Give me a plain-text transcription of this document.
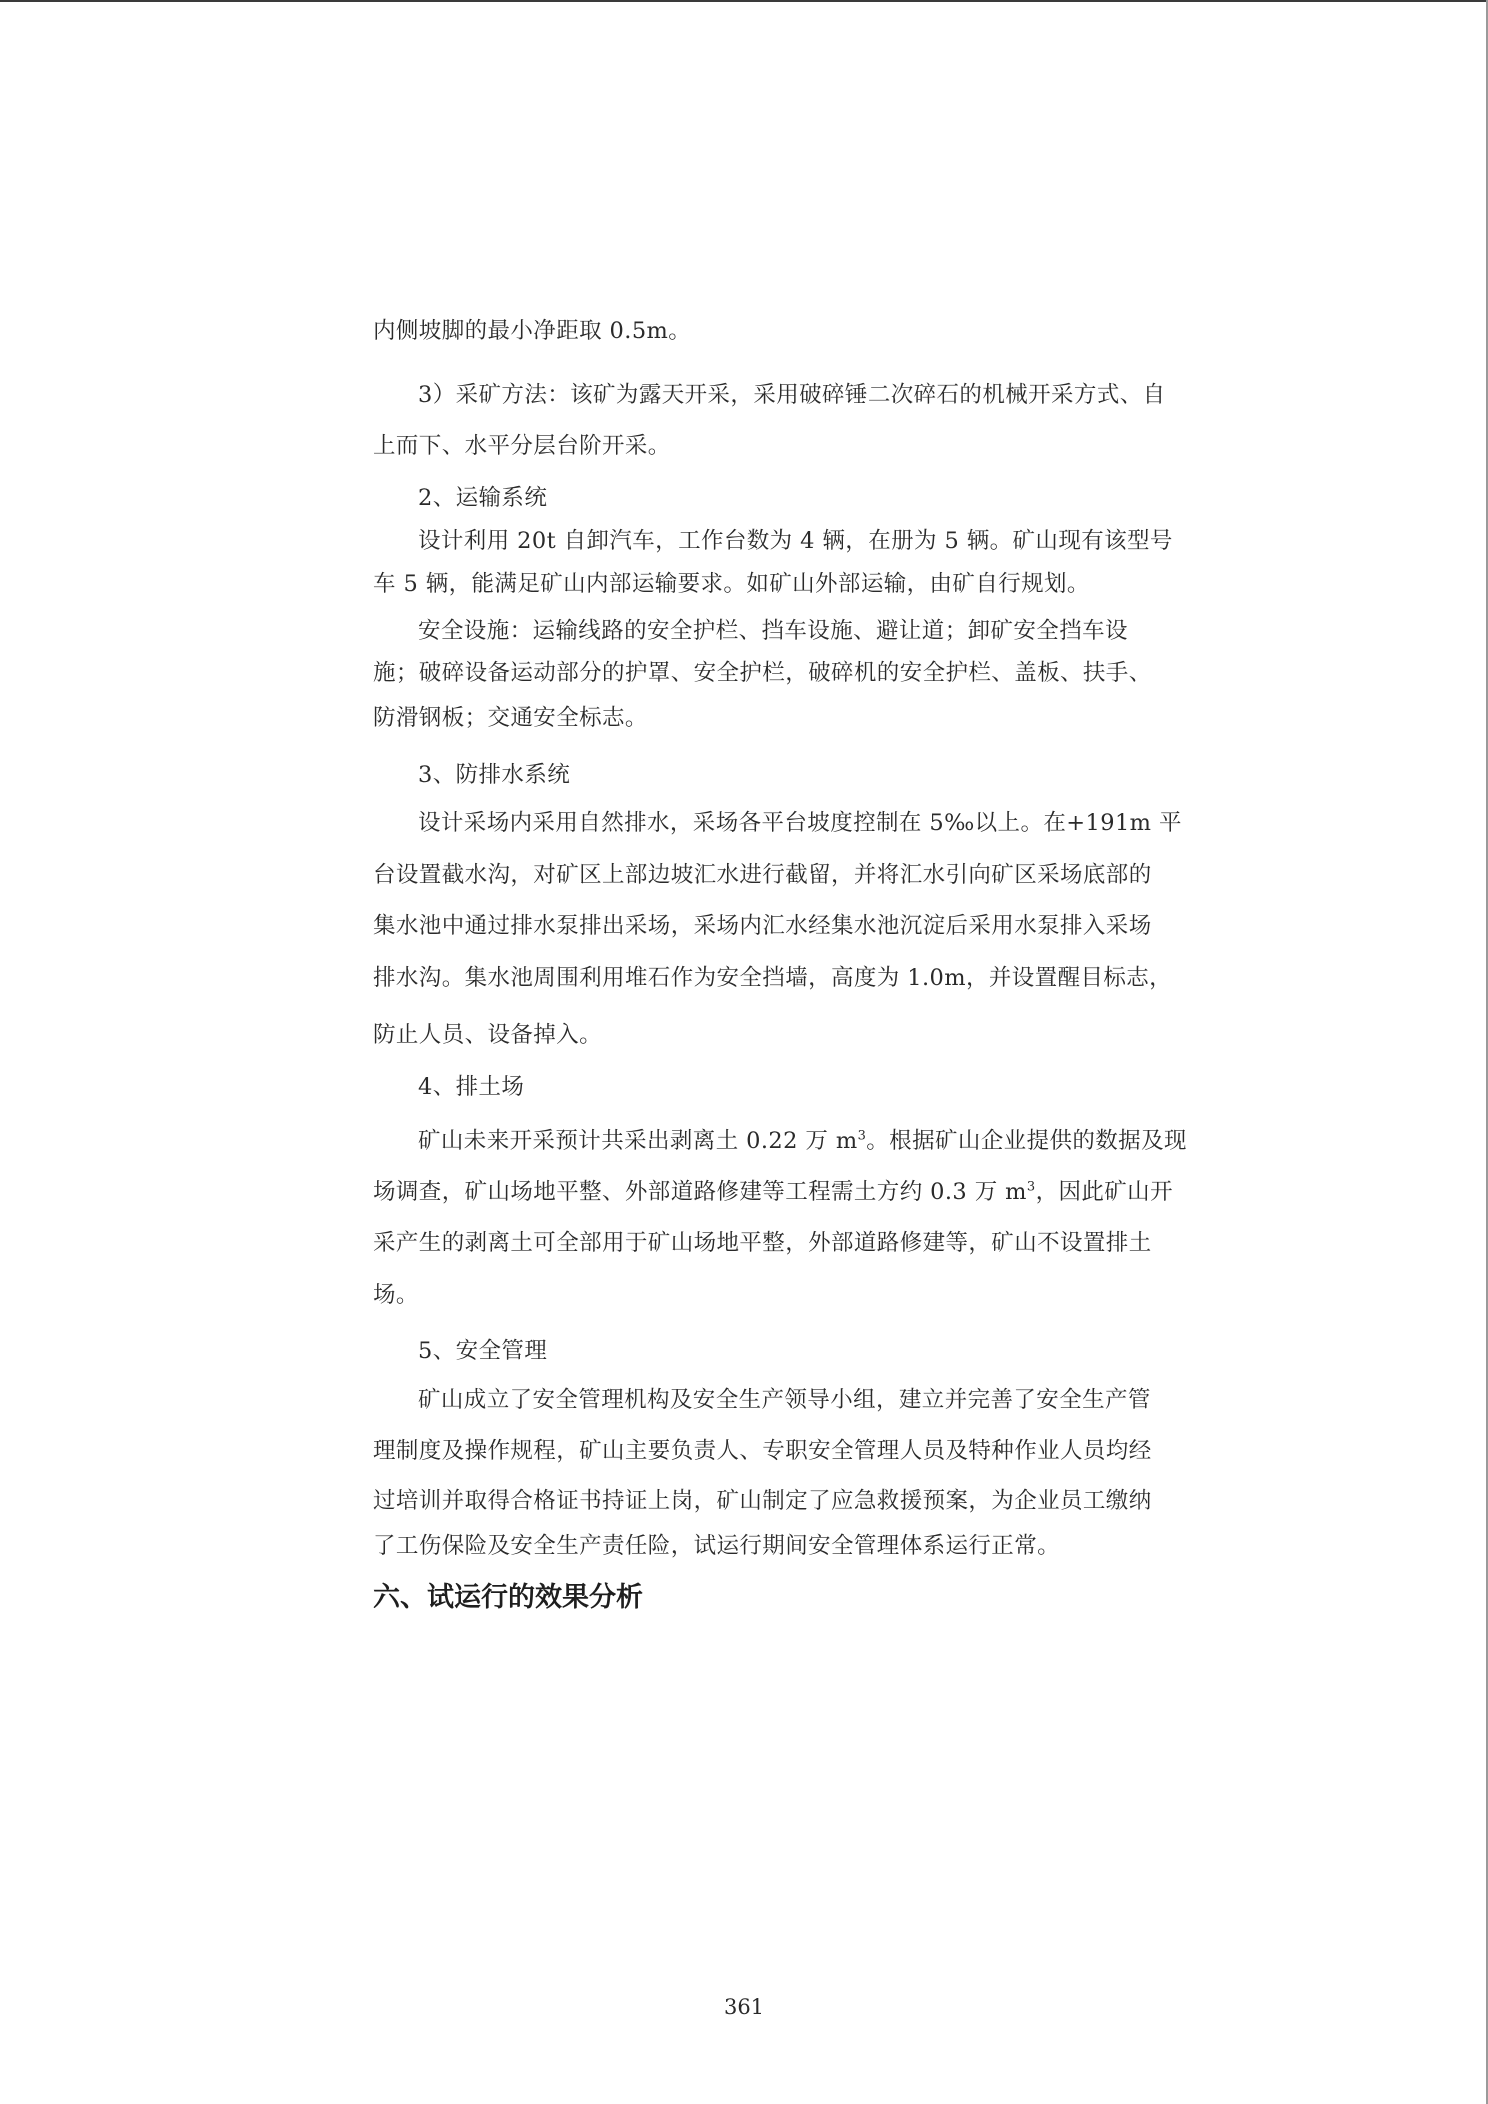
内侧坡脚的最小净距取 0.5m。
3）采矿方法：该矿为露天开采，采用破碎锤二次碎石的机械开采方式、自
上而下、水平分层台阶开采。
2、运输系统
设计利用 20t 自卸汽车，工作台数为 4 辆，在册为 5 辆。矿山现有该型号
车 5 辆，能满足矿山内部运输要求。如矿山外部运输，由矿自行规划。
安全设施：运输线路的安全护栏、挡车设施、避让道；卸矿安全挡车设
施；破碎设备运动部分的护罩、安全护栏，破碎机的安全护栏、盖板、扶手、
防滑钢板；交通安全标志。
3、防排水系统
设计采场内采用自然排水，采场各平台坡度控制在 5‰以上。在+191m 平
台设置截水沟，对矿区上部边坡汇水进行截留，并将汇水引向矿区采场底部的
集水池中通过排水泵排出采场，采场内汇水经集水池沉淀后采用水泵排入采场
排水沟。集水池周围利用堆石作为安全挡墙，高度为 1.0m，并设置醒目标志，
防止人员、设备掉入。
4、排土场
矿山未来开采预计共采出剥离土 0.22 万 $m^3$。根据矿山企业提供的数据及现
场调查，矿山场地平整、外部道路修建等工程需土方约 0.3 万 $m^3$，因此矿山开
采产生的剥离土可全部用于矿山场地平整，外部道路修建等，矿山不设置排土
场。
5、安全管理
矿山成立了安全管理机构及安全生产领导小组，建立并完善了安全生产管
理制度及操作规程，矿山主要负责人、专职安全管理人员及特种作业人员均经
过培训并取得合格证书持证上岗，矿山制定了应急救援预案，为企业员工缴纳
了工伤保险及安全生产责任险，试运行期间安全管理体系运行正常。
六、试运行的效果分析
361
